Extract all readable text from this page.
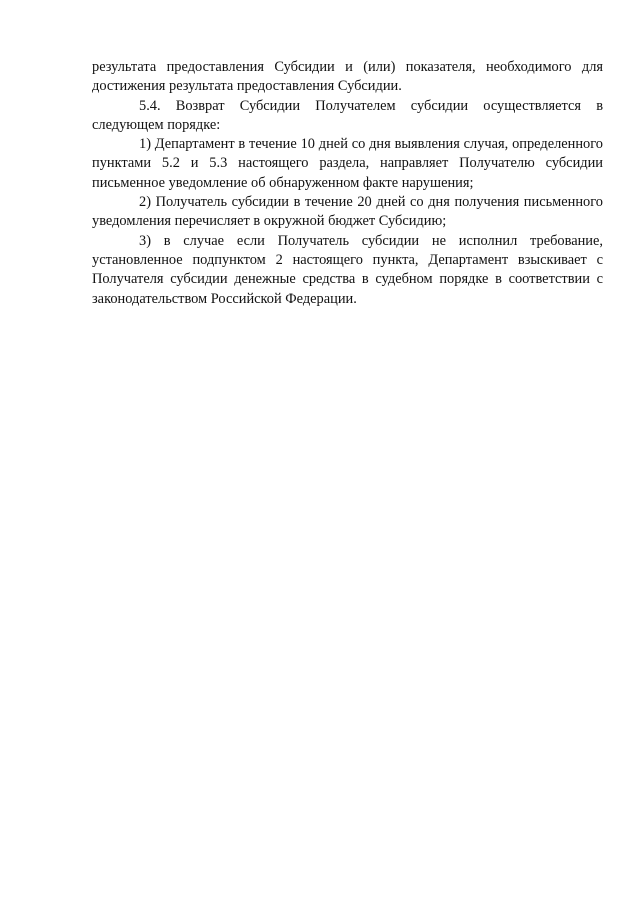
результата предоставления Субсидии и (или) показателя, необходимого для достижения результата предоставления Субсидии.

5.4. Возврат Субсидии Получателем субсидии осуществляется в следующем порядке:

1) Департамент в течение 10 дней со дня выявления случая, определенного пунктами 5.2 и 5.3 настоящего раздела, направляет Получателю субсидии письменное уведомление об обнаруженном факте нарушения;

2) Получатель субсидии в течение 20 дней со дня получения письменного уведомления перечисляет в окружной бюджет Субсидию;

3) в случае если Получатель субсидии не исполнил требование, установленное подпунктом 2 настоящего пункта, Департамент взыскивает с Получателя субсидии денежные средства в судебном порядке в соответствии с законодательством Российской Федерации.
